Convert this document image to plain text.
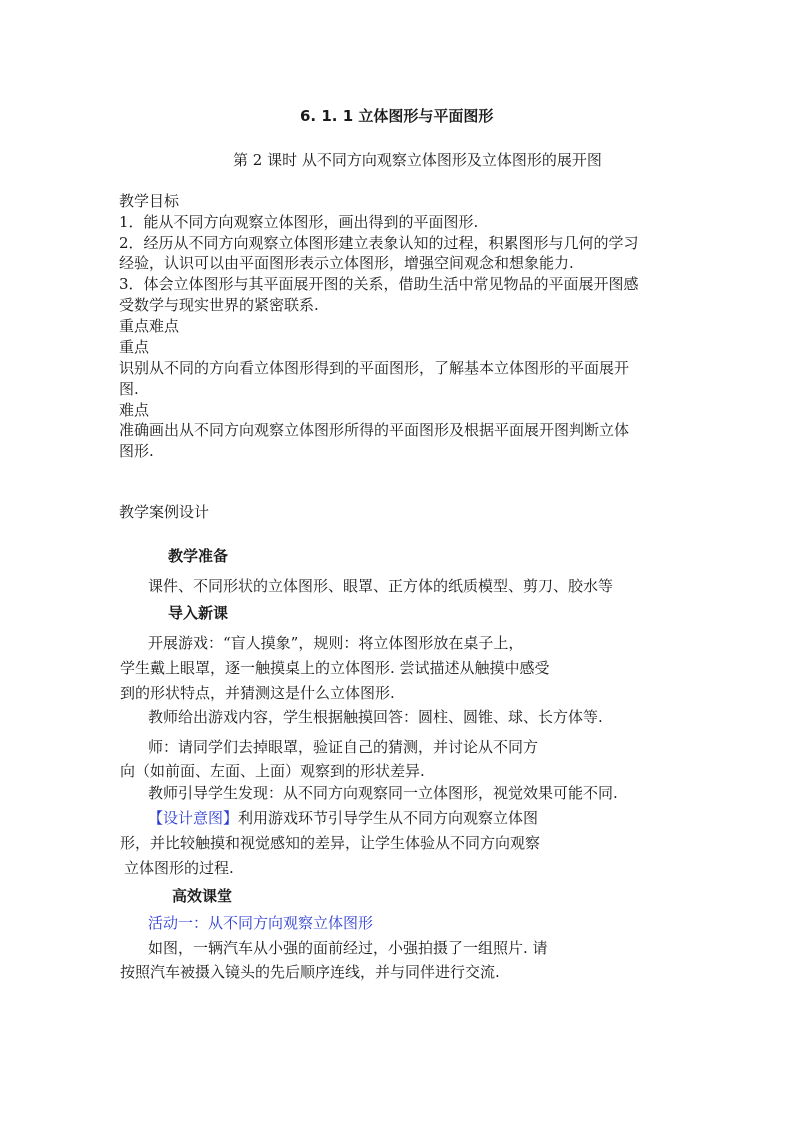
6. 1. 1 立体图形与平面图形
第 2 课时 从不同方向观察立体图形及立体图形的展开图
教学目标
1．能从不同方向观察立体图形，画出得到的平面图形.
2．经历从不同方向观察立体图形建立表象认知的过程，积累图形与几何的学习
经验，认识可以由平面图形表示立体图形，增强空间观念和想象能力.
3．体会立体图形与其平面展开图的关系，借助生活中常见物品的平面展开图感
受数学与现实世界的紧密联系.
重点难点
重点
识别从不同的方向看立体图形得到的平面图形，了解基本立体图形的平面展开
图.
难点
准确画出从不同方向观察立体图形所得的平面图形及根据平面展开图判断立体
图形.
教学案例设计
教学准备
课件、不同形状的立体图形、眼罩、正方体的纸质模型、剪刀、胶水等
导入新课
开展游戏：“盲人摸象”，规则：将立体图形放在桌子上，
学生戴上眼罩，逐一触摸桌上的立体图形. 尝试描述从触摸中感受
到的形状特点，并猜测这是什么立体图形.
教师给出游戏内容，学生根据触摸回答：圆柱、圆锥、球、长方体等.
师：请同学们去掉眼罩，验证自己的猜测，并讨论从不同方
向（如前面、左面、上面）观察到的形状差异.
教师引导学生发现：从不同方向观察同一立体图形，视觉效果可能不同.
【设计意图】利用游戏环节引导学生从不同方向观察立体图
形，并比较触摸和视觉感知的差异，让学生体验从不同方向观察
立体图形的过程.
高效课堂
活动一：从不同方向观察立体图形
如图，一辆汽车从小强的面前经过，小强拍摄了一组照片. 请
按照汽车被摄入镜头的先后顺序连线，并与同伴进行交流.
